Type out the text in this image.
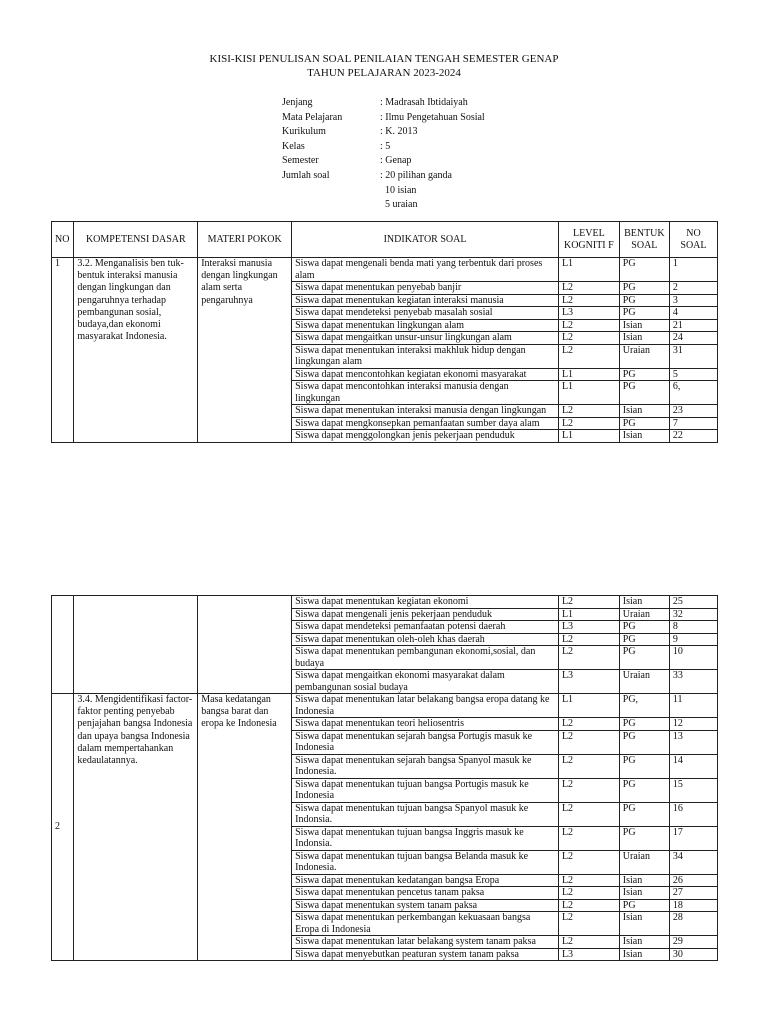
KISI-KISI PENULISAN SOAL PENILAIAN TENGAH SEMESTER GENAP
TAHUN PELAJARAN 2023-2024
Jenjang	: Madrasah Ibtidaiyah
Mata Pelajaran	: Ilmu Pengetahuan Sosial
Kurikulum	: K. 2013
Kelas	: 5
Semester	: Genap
Jumlah soal	: 20 pilihan ganda
10 isian
5 uraian
NO	KOMPETENSI DASAR	MATERI POKOK	INDIKATOR SOAL	LEVEL KOGNITI F	BENTUK SOAL	NO SOAL
1	3.2. Menganalisis ben tuk-bentuk interaksi manusia dengan lingkungan dan pengaruhnya terhadap pembangunan sosial, budaya,dan ekonomi masyarakat Indonesia.	Interaksi manusia dengan lingkungan alam serta pengaruhnya	Siswa dapat mengenali benda mati yang terbentuk dari proses alam	L1	PG	1
			Siswa dapat menentukan penyebab banjir	L2	PG	2
			Siswa dapat menentukan kegiatan interaksi manusia	L2	PG	3
			Siswa dapat mendeteksi penyebab masalah sosial	L3	PG	4
			Siswa dapat menentukan lingkungan alam	L2	Isian	21
			Siswa dapat mengaitkan unsur-unsur lingkungan alam	L2	Isian	24
			Siswa dapat menentukan interaksi makhluk hidup dengan lingkungan alam	L2	Uraian	31
			Siswa dapat mencontohkan kegiatan ekonomi masyarakat	L1	PG	5
			Siswa dapat mencontohkan interaksi manusia dengan lingkungan	L1	PG	6,
			Siswa dapat menentukan interaksi manusia dengan lingkungan	L2	Isian	23
			Siswa dapat mengkonsepkan pemanfaatan sumber daya alam	L2	PG	7
			Siswa dapat menggolongkan jenis pekerjaan penduduk	L1	Isian	22
			Siswa dapat menentukan kegiatan ekonomi	L2	Isian	25
			Siswa dapat mengenali jenis pekerjaan penduduk	L1	Uraian	32
			Siswa dapat mendeteksi pemanfaatan potensi daerah	L3	PG	8
			Siswa dapat menentukan oleh-oleh khas daerah	L2	PG	9
			Siswa dapat menentukan pembangunan ekonomi,sosial, dan budaya	L2	PG	10
			Siswa dapat mengaitkan ekonomi masyarakat dalam pembangunan sosial budaya	L3	Uraian	33
2	3.4. Mengidentifikasi factor-faktor penting penyebab penjajahan bangsa Indonesia dan upaya bangsa Indonesia dalam mempertahankan kedaulatannya.	Masa kedatangan bangsa barat dan eropa ke Indonesia	Siswa dapat menentukan latar belakang bangsa eropa datang ke Indonesia	L1	PG,	11
			Siswa dapat menentukan teori heliosentris	L2	PG	12
			Siswa dapat menentukan sejarah bangsa Portugis masuk ke Indonesia	L2	PG	13
			Siswa dapat menentukan sejarah bangsa Spanyol masuk ke Indonesia.	L2	PG	14
			Siswa dapat menentukan tujuan bangsa Portugis masuk ke Indonesia	L2	PG	15
			Siswa dapat menentukan tujuan bangsa Spanyol masuk ke Indonsia.	L2	PG	16
			Siswa dapat menentukan tujuan bangsa Inggris masuk ke Indonsia.	L2	PG	17
			Siswa dapat menentukan tujuan bangsa Belanda masuk ke Indonesia.	L2	Uraian	34
			Siswa dapat menentukan kedatangan bangsa Eropa	L2	Isian	26
			Siswa dapat menentukan pencetus tanam paksa	L2	Isian	27
			Siswa dapat menentukan system tanam paksa	L2	PG	18
			Siswa dapat menentukan perkembangan kekuasaan bangsa Eropa di Indonesia	L2	Isian	28
			Siswa dapat menentukan latar belakang system tanam paksa	L2	Isian	29
			Siswa dapat menyebutkan peaturan system tanam paksa	L3	Isian	30
